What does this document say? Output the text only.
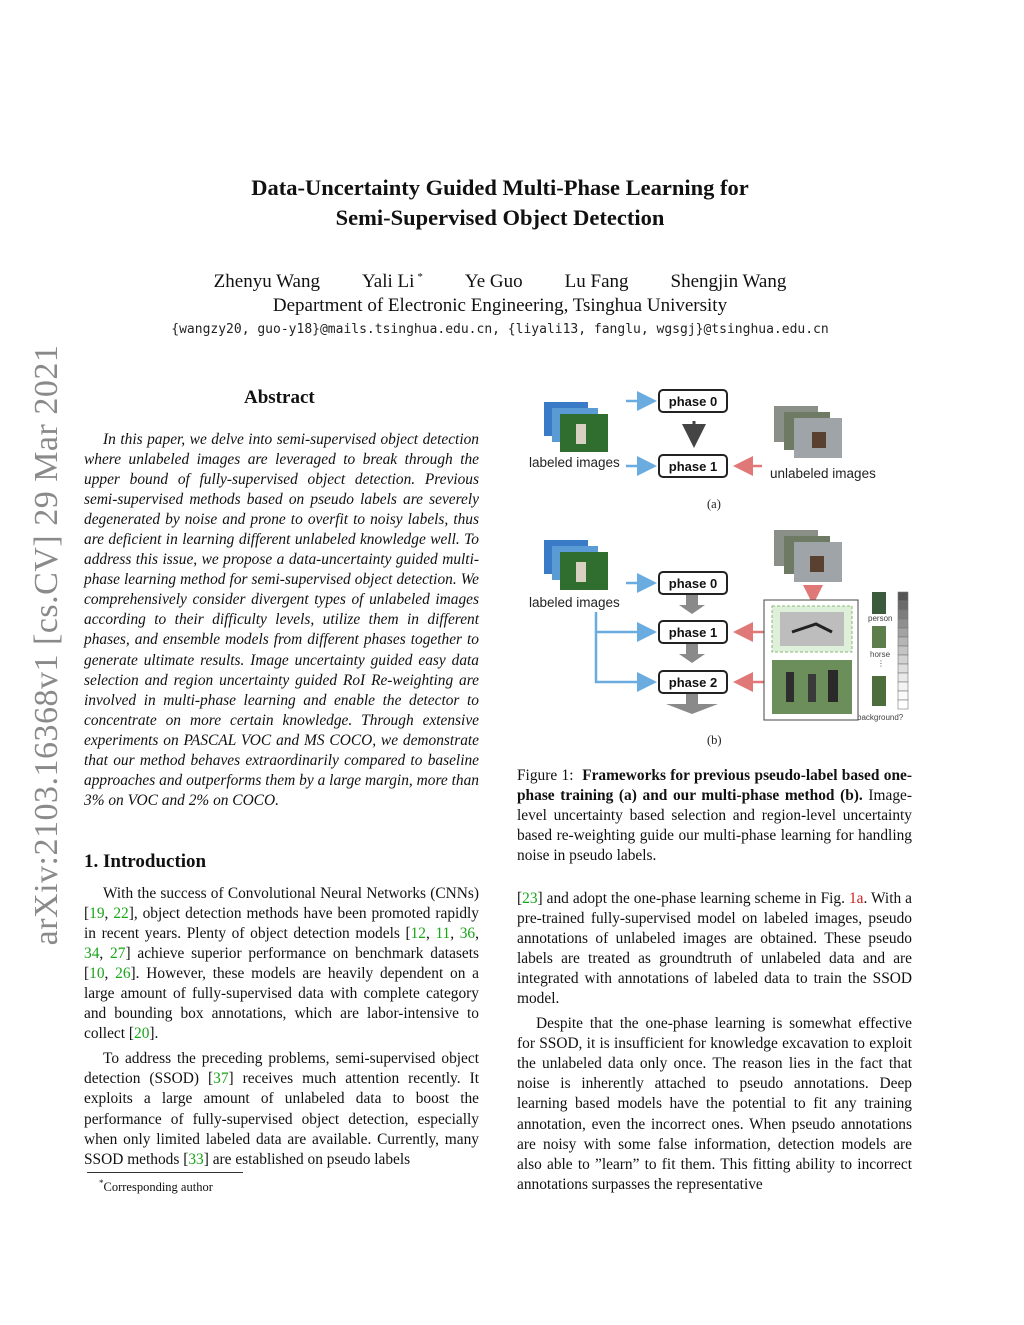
arXiv:2103.16368v1 [cs.CV] 29 Mar 2021
Data-Uncertainty Guided Multi-Phase Learning for
Semi-Supervised Object Detection
Zhenyu Wang Yali Li * Ye Guo Lu Fang Shengjin Wang
Department of Electronic Engineering, Tsinghua University
{wangzy20, guo-y18}@mails.tsinghua.edu.cn, {liyali13, fanglu, wgsgj}@tsinghua.edu.cn
Abstract

In this paper, we delve into semi-supervised object detection where unlabeled images are leveraged to break through the upper bound of fully-supervised object detection. Previous semi-supervised methods based on pseudo labels are severely degenerated by noise and prone to overfit to noisy labels, thus are deficient in learning different unlabeled knowledge well. To address this issue, we propose a data-uncertainty guided multi-phase learning method for semi-supervised object detection. We comprehensively consider divergent types of unlabeled images according to their difficulty levels, utilize them in different phases, and ensemble models from different phases together to generate ultimate results. Image uncertainty guided easy data selection and region uncertainty guided RoI Re-weighting are involved in multi-phase learning and enable the detector to concentrate on more certain knowledge. Through extensive experiments on PASCAL VOC and MS COCO, we demonstrate that our method behaves extraordinarily compared to baseline approaches and outperforms them by a large margin, more than 3% on VOC and 2% on COCO.

1. Introduction

With the success of Convolutional Neural Networks (CNNs) [19, 22], object detection methods have been promoted rapidly in recent years. Plenty of object detection models [12, 11, 36, 34, 27] achieve superior performance on benchmark datasets [10, 26]. However, these models are heavily dependent on a large amount of fully-supervised data with complete category and bounding box annotations, which are labor-intensive to collect [20].

To address the preceding problems, semi-supervised object detection (SSOD) [37] receives much attention recently. It exploits a large amount of unlabeled data to boost the performance of fully-supervised object detection, especially when only limited labeled data are available. Currently, many SSOD methods [33] are established on pseudo labels

*Corresponding author
labeled images
phase 0
phase 1	unlabeled images
(a)
labeled images
phase 0
phase 1
phase 2
person
horse
⋮
background?
(b)
Figure 1: Frameworks for previous pseudo-label based one-phase training (a) and our multi-phase method (b). Image-level uncertainty based selection and region-level uncertainty based re-weighting guide our multi-phase learning for handling noise in pseudo labels.

[23] and adopt the one-phase learning scheme in Fig. 1a. With a pre-trained fully-supervised model on labeled images, pseudo annotations of unlabeled images are obtained. These pseudo labels are treated as groundtruth of unlabeled data and are integrated with annotations of labeled data to train the SSOD model.

Despite that the one-phase learning is somewhat effective for SSOD, it is insufficient for knowledge excavation to exploit the unlabeled data only once. The reason lies in the fact that noise is inherently attached to pseudo annotations. Deep learning based models have the potential to fit any training annotation, even the incorrect ones. When pseudo annotations are noisy with some false information, detection models are also able to ”learn” to fit them. This fitting ability to incorrect annotations surpasses the representative
